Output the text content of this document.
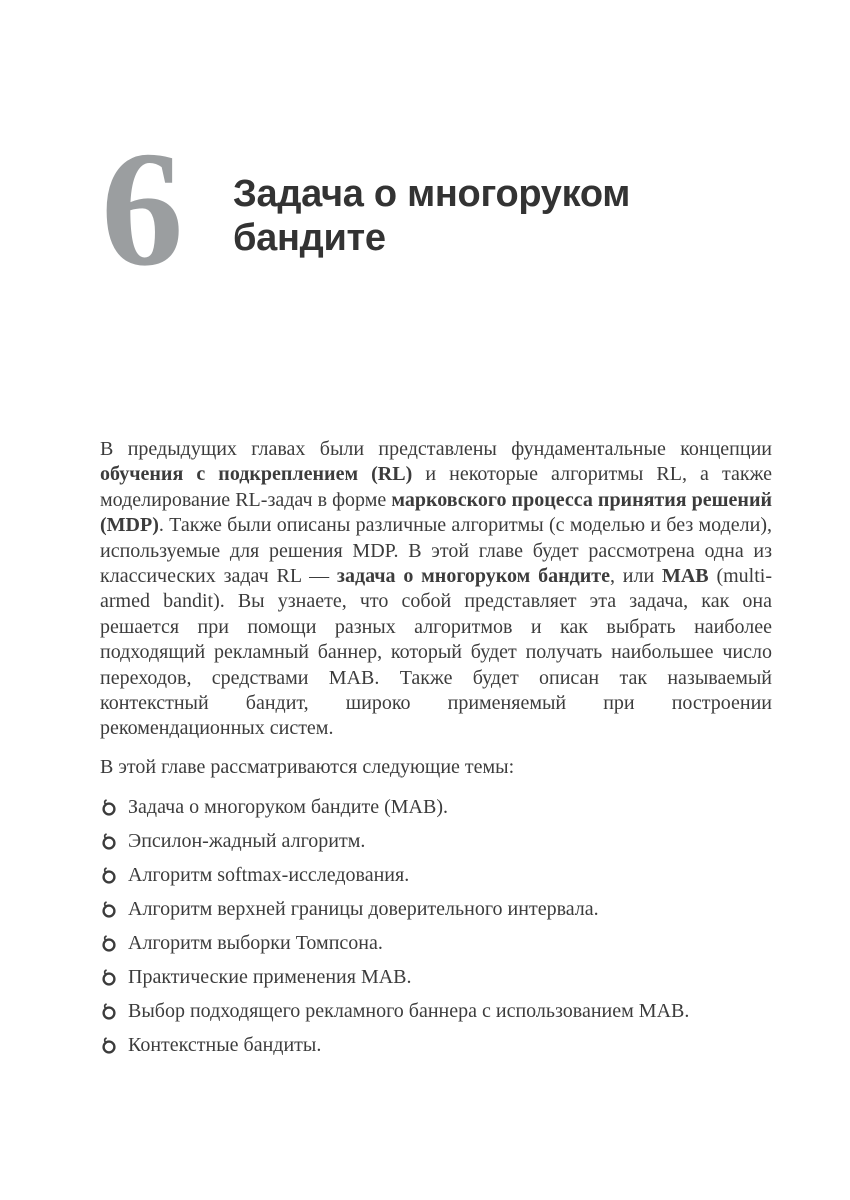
6 Задача о многоруком бандите

В предыдущих главах были представлены фундаментальные концепции обучения с подкреплением (RL) и некоторые алгоритмы RL, а также моделирование RL-задач в форме марковского процесса принятия решений (MDP). Также были описаны различные алгоритмы (с моделью и без модели), используемые для решения MDP. В этой главе будет рассмотрена одна из классических задач RL — задача о многоруком бандите, или MAB (multi-armed bandit). Вы узнаете, что собой представляет эта задача, как она решается при помощи разных алгоритмов и как выбрать наиболее подходящий рекламный баннер, который будет получать наибольшее число переходов, средствами MAB. Также будет описан так называемый контекстный бандит, широко применяемый при построении рекомендационных систем.

В этой главе рассматриваются следующие темы:

Задача о многоруком бандите (MAB).
Эпсилон-жадный алгоритм.
Алгоритм softmax-исследования.
Алгоритм верхней границы доверительного интервала.
Алгоритм выборки Томпсона.
Практические применения MAB.
Выбор подходящего рекламного баннера с использованием MAB.
Контекстные бандиты.
